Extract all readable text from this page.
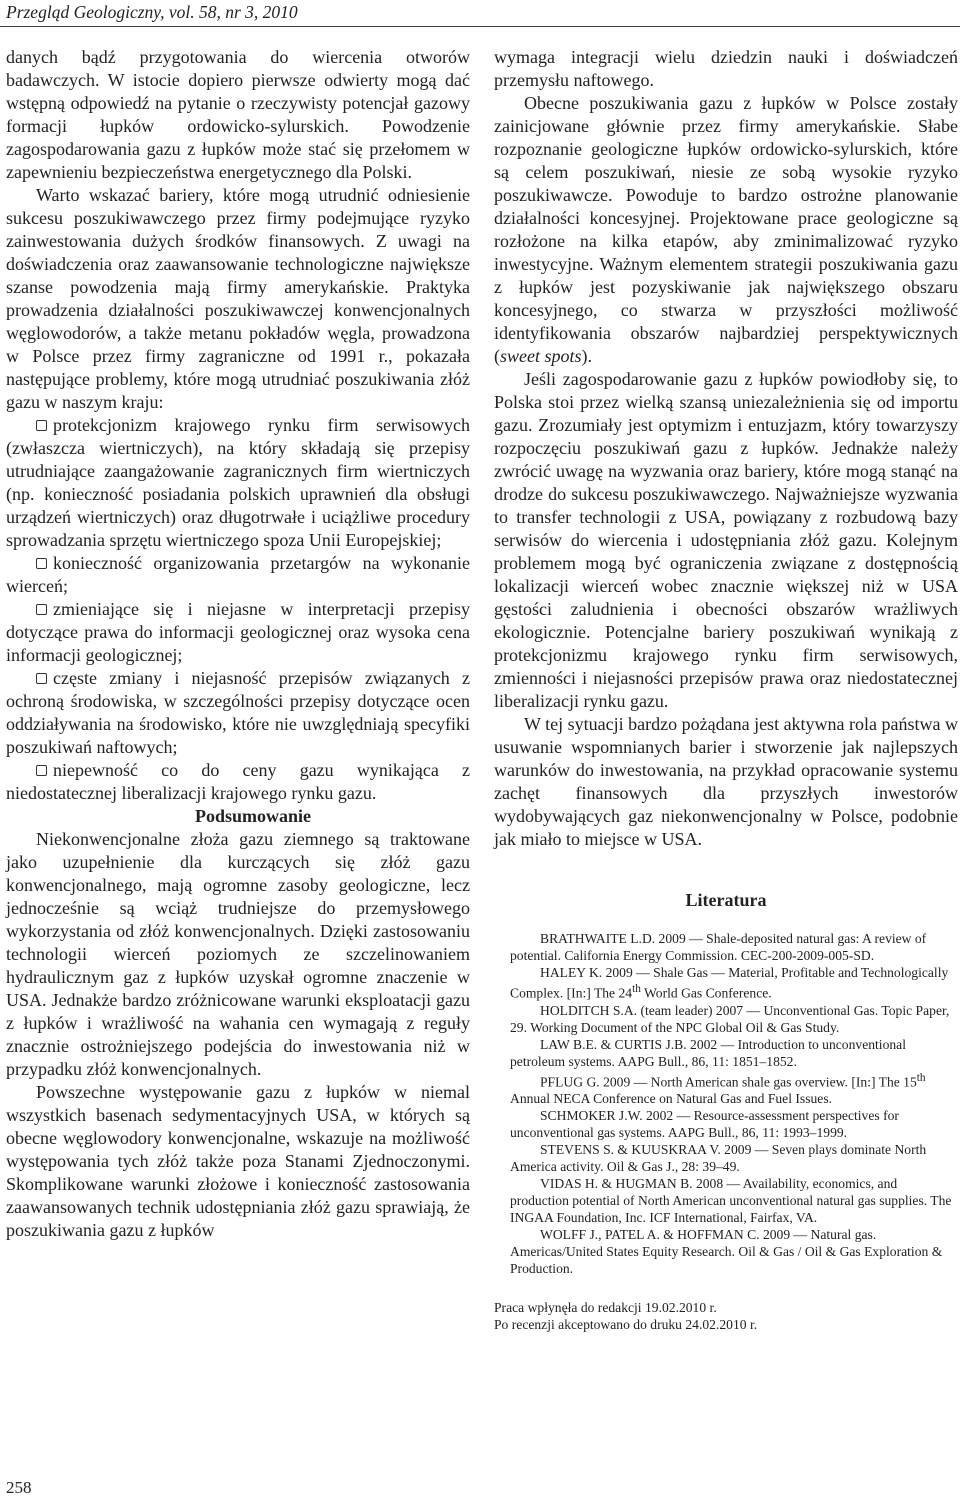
Przegląd Geologiczny, vol. 58, nr 3, 2010

danych bądź przygotowania do wiercenia otworów badawczych. W istocie dopiero pierwsze odwierty mogą dać wstępną odpowiedź na pytanie o rzeczywisty potencjał gazowy formacji łupków ordowicko-sylurskich. Powodzenie zagospodarowania gazu z łupków może stać się przełomem w zapewnieniu bezpieczeństwa energetycznego dla Polski.

Warto wskazać bariery, które mogą utrudnić odniesienie sukcesu poszukiwawczego przez firmy podejmujące ryzyko zainwestowania dużych środków finansowych. Z uwagi na doświadczenia oraz zaawansowanie technologiczne największe szanse powodzenia mają firmy amerykańskie. Praktyka prowadzenia działalności poszukiwawczej konwencjonalnych węglowodorów, a także metanu pokładów węgla, prowadzona w Polsce przez firmy zagraniczne od 1991 r., pokazała następujące problemy, które mogą utrudniać poszukiwania złóż gazu w naszym kraju:

protekcjonizm krajowego rynku firm serwisowych (zwłaszcza wiertniczych), na który składają się przepisy utrudniające zaangażowanie zagranicznych firm wiertniczych (np. konieczność posiadania polskich uprawnień dla obsługi urządzeń wiertniczych) oraz długotrwałe i uciążliwe procedury sprowadzania sprzętu wiertniczego spoza Unii Europejskiej;

konieczność organizowania przetargów na wykonanie wierceń;

zmieniające się i niejasne w interpretacji przepisy dotyczące prawa do informacji geologicznej oraz wysoka cena informacji geologicznej;

częste zmiany i niejasność przepisów związanych z ochroną środowiska, w szczególności przepisy dotyczące ocen oddziaływania na środowisko, które nie uwzględniają specyfiki poszukiwań naftowych;

niepewność co do ceny gazu wynikająca z niedostatecznej liberalizacji krajowego rynku gazu.

Podsumowanie

Niekonwencjonalne złoża gazu ziemnego są traktowane jako uzupełnienie dla kurczących się złóż gazu konwencjonalnego, mają ogromne zasoby geologiczne, lecz jednocześnie są wciąż trudniejsze do przemysłowego wykorzystania od złóż konwencjonalnych. Dzięki zastosowaniu technologii wierceń poziomych ze szczelinowaniem hydraulicznym gaz z łupków uzyskał ogromne znaczenie w USA. Jednakże bardzo zróżnicowane warunki eksploatacji gazu z łupków i wrażliwość na wahania cen wymagają z reguły znacznie ostrożniejszego podejścia do inwestowania niż w przypadku złóż konwencjonalnych.

Powszechne występowanie gazu z łupków w niemal wszystkich basenach sedymentacyjnych USA, w których są obecne węglowodory konwencjonalne, wskazuje na możliwość występowania tych złóż także poza Stanami Zjednoczonymi. Skomplikowane warunki złożowe i konieczność zastosowania zaawansowanych technik udostępniania złóż gazu sprawiają, że poszukiwania gazu z łupków

wymaga integracji wielu dziedzin nauki i doświadczeń przemysłu naftowego.

Obecne poszukiwania gazu z łupków w Polsce zostały zainicjowane głównie przez firmy amerykańskie. Słabe rozpoznanie geologiczne łupków ordowicko-sylurskich, które są celem poszukiwań, niesie ze sobą wysokie ryzyko poszukiwawcze. Powoduje to bardzo ostrożne planowanie działalności koncesyjnej. Projektowane prace geologiczne są rozłożone na kilka etapów, aby zminimalizować ryzyko inwestycyjne. Ważnym elementem strategii poszukiwania gazu z łupków jest pozyskiwanie jak największego obszaru koncesyjnego, co stwarza w przyszłości możliwość identyfikowania obszarów najbardziej perspektywicznych (sweet spots).

Jeśli zagospodarowanie gazu z łupków powiodłoby się, to Polska stoi przez wielką szansą uniezależnienia się od importu gazu. Zrozumiały jest optymizm i entuzjazm, który towarzyszy rozpoczęciu poszukiwań gazu z łupków. Jednakże należy zwrócić uwagę na wyzwania oraz bariery, które mogą stanąć na drodze do sukcesu poszukiwawczego. Najważniejsze wyzwania to transfer technologii z USA, powiązany z rozbudową bazy serwisów do wiercenia i udostępniania złóż gazu. Kolejnym problemem mogą być ograniczenia związane z dostępnością lokalizacji wierceń wobec znacznie większej niż w USA gęstości zaludnienia i obecności obszarów wrażliwych ekologicznie. Potencjalne bariery poszukiwań wynikają z protekcjonizmu krajowego rynku firm serwisowych, zmienności i niejasności przepisów prawa oraz niedostatecznej liberalizacji rynku gazu.

W tej sytuacji bardzo pożądana jest aktywna rola państwa w usuwanie wspomnianych barier i stworzenie jak najlepszych warunków do inwestowania, na przykład opracowanie systemu zachęt finansowych dla przyszłych inwestorów wydobywających gaz niekonwencjonalny w Polsce, podobnie jak miało to miejsce w USA.

Literatura

BRATHWAITE L.D. 2009 — Shale-deposited natural gas: A review of potential. California Energy Commission. CEC-200-2009-005-SD.

HALEY K. 2009 — Shale Gas — Material, Profitable and Technologically Complex. [In:] The 24th World Gas Conference.

HOLDITCH S.A. (team leader) 2007 — Unconventional Gas. Topic Paper, 29. Working Document of the NPC Global Oil & Gas Study.

LAW B.E. & CURTIS J.B. 2002 — Introduction to unconventional petroleum systems. AAPG Bull., 86, 11: 1851–1852.

PFLUG G. 2009 — North American shale gas overview. [In:] The 15th Annual NECA Conference on Natural Gas and Fuel Issues.

SCHMOKER J.W. 2002 — Resource-assessment perspectives for unconventional gas systems. AAPG Bull., 86, 11: 1993–1999.

STEVENS S. & KUUSKRAA V. 2009 — Seven plays dominate North America activity. Oil & Gas J., 28: 39–49.

VIDAS H. & HUGMAN B. 2008 — Availability, economics, and production potential of North American unconventional natural gas supplies. The INGAA Foundation, Inc. ICF International, Fairfax, VA.

WOLFF J., PATEL A. & HOFFMAN C. 2009 — Natural gas. Americas/United States Equity Research. Oil & Gas / Oil & Gas Exploration & Production.

Praca wpłynęła do redakcji 19.02.2010 r.
Po recenzji akceptowano do druku 24.02.2010 r.
258
